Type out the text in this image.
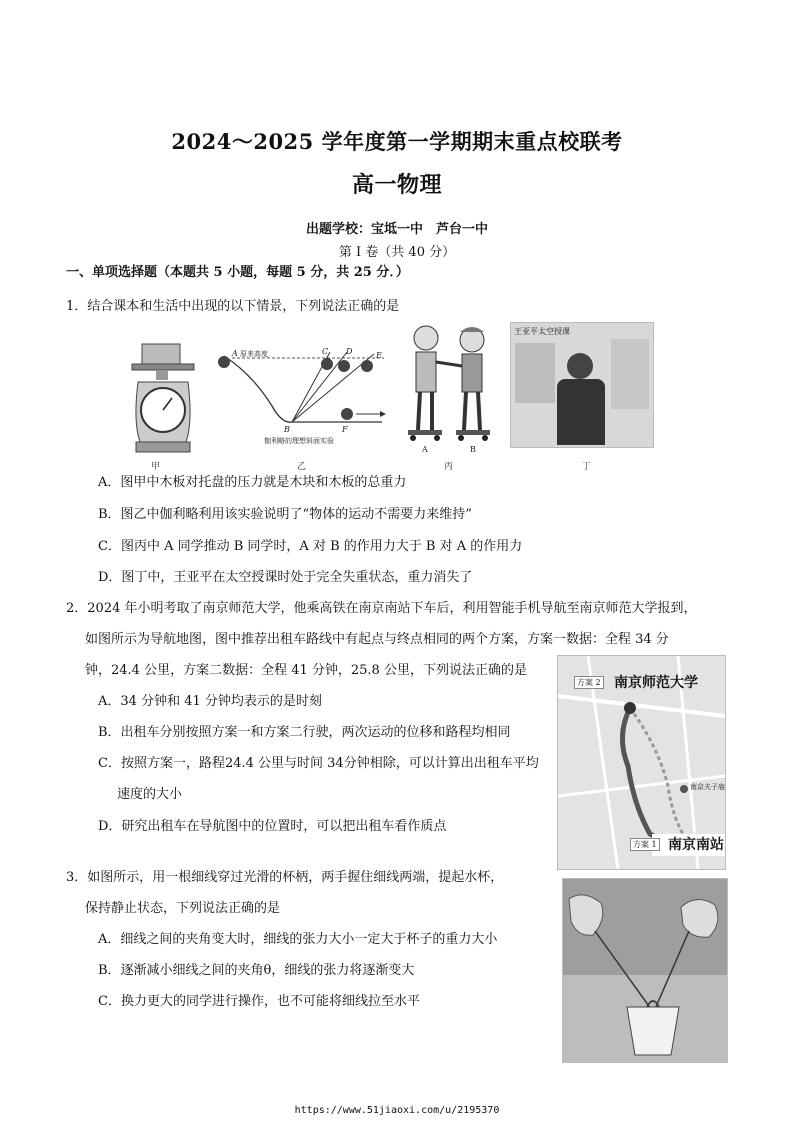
2024～2025 学年度第一学期期末重点校联考
高一物理
出题学校：宝坻一中　芦台一中
第 I 卷（共 40 分）
一、单项选择题（本题共 5 小题，每题 5 分，共 25 分．）
1．结合课本和生活中出现的以下情景，下列说法正确的是
甲
A 原来高度
B
C D	E
F
伽利略的理想斜面实验
乙
A	B
丙
王亚平太空授课
丁
A．图甲中木板对托盘的压力就是木块和木板的总重力
B．图乙中伽利略利用该实验说明了“物体的运动不需要力来维持”
C．图丙中 A 同学推动 B 同学时，A 对 B 的作用力大于 B 对 A 的作用力
D．图丁中，王亚平在太空授课时处于完全失重状态，重力消失了
2．2024 年小明考取了南京师范大学，他乘高铁在南京南站下车后，利用智能手机导航至南京师范大学报到，
如图所示为导航地图，图中推荐出租车路线中有起点与终点相同的两个方案，方案一数据：全程 34 分
钟，24.4 公里，方案二数据：全程 41 分钟，25.8 公里，下列说法正确的是
A．34 分钟和 41 分钟均表示的是时刻
B．出租车分别按照方案一和方案二行驶，两次运动的位移和路程均相同
C．按照方案一，路程24.4 公里与时间 34分钟相除，可以计算出出租车平均
速度的大小
D．研究出租车在导航图中的位置时，可以把出租车看作质点
方案 2 南京师范大学
南京夫子庙
方案 1 南京南站
3．如图所示，用一根细线穿过光滑的杯柄，两手握住细线两端，提起水杯，
保持静止状态，下列说法正确的是
A．细线之间的夹角变大时，细线的张力大小一定大于杯子的重力大小
B．逐渐减小细线之间的夹角θ，细线的张力将逐渐变大
C．换力更大的同学进行操作，也不可能将细线拉至水平
https://www.51jiaoxi.com/u/2195370
